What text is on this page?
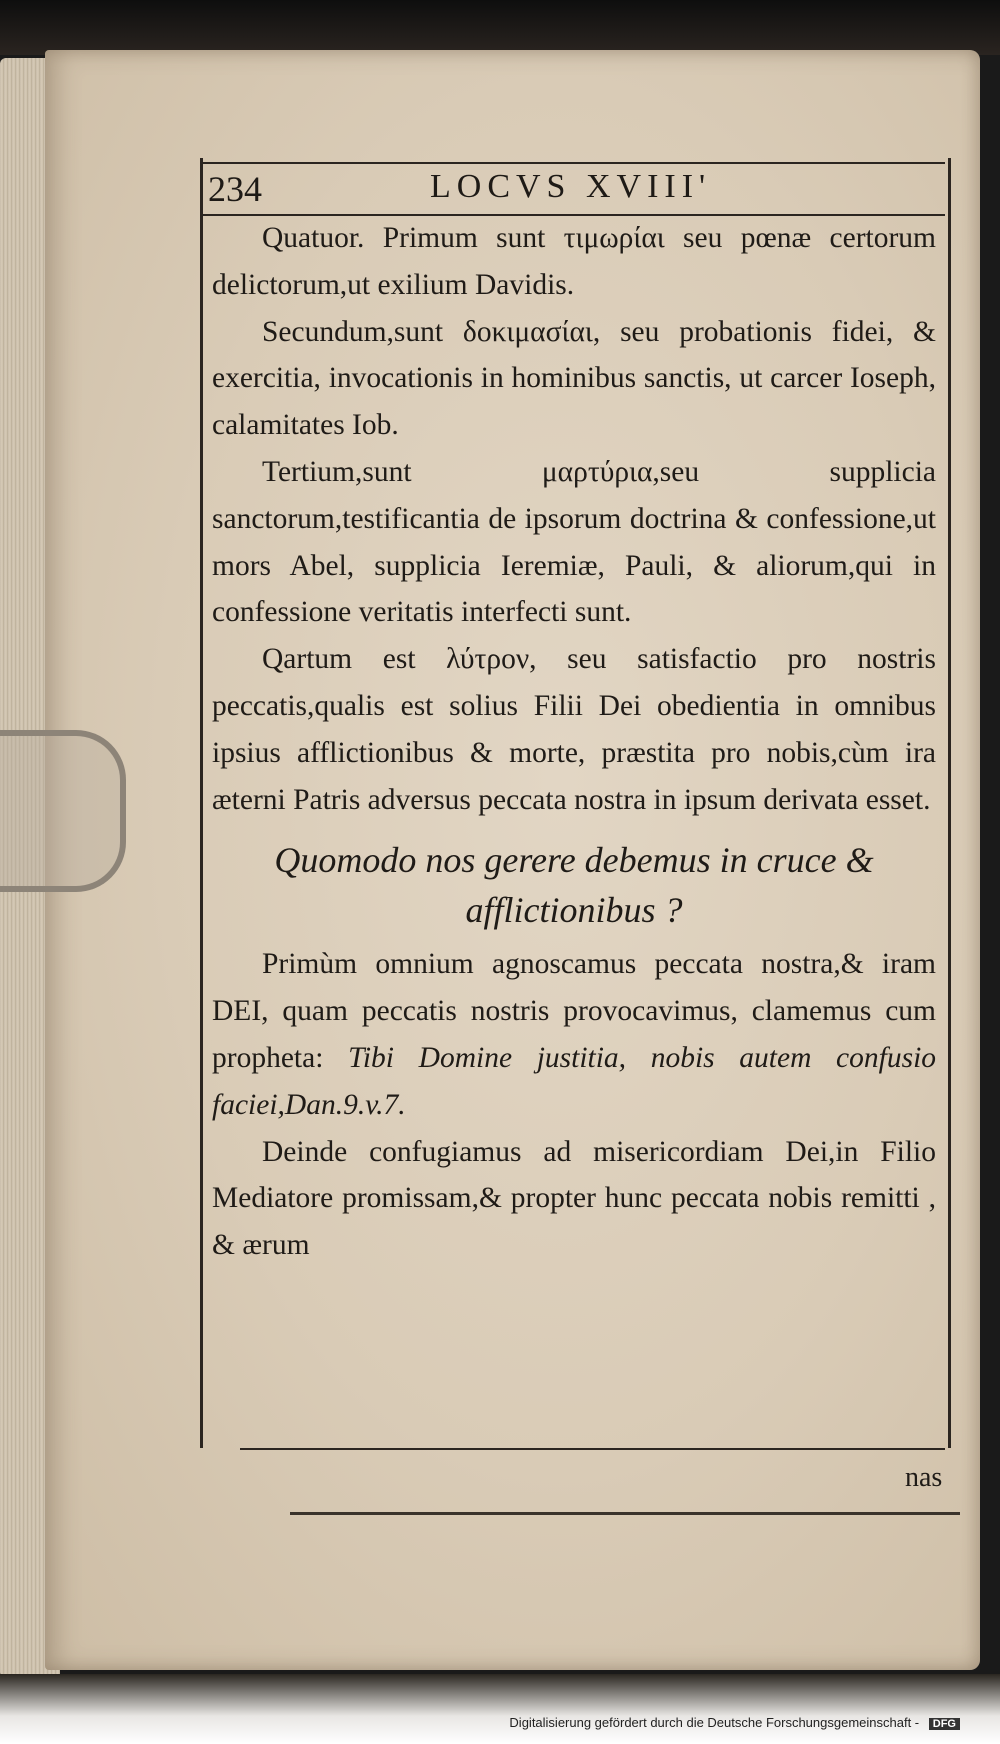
234	LOCVS XVIII'

Quatuor. Primum sunt τιμωρίαι seu pœnæ certorum delictorum,ut exilium Davidis.

Secundum,sunt δοκιμασίαι, seu probationis fidei, & exercitia, invocationis in hominibus sanctis, ut carcer Ioseph, calamitates Iob.

Tertium,sunt μαρτύρια,seu supplicia sanctorum,testificantia de ipsorum doctrina & confessione,ut mors Abel, supplicia Ieremiæ, Pauli, & aliorum,qui in confessione veritatis interfecti sunt.

Qartum est λύτρον, seu satisfactio pro nostris peccatis,qualis est solius Filii Dei obedientia in omnibus ipsius afflictionibus & morte, præstita pro nobis,cùm ira æterni Patris adversus peccata nostra in ipsum derivata esset.

Quomodo nos gerere debemus in cruce &
afflictionibus ?

Primùm omnium agnoscamus peccata nostra,& iram DEI, quam peccatis nostris provocavimus, clamemus cum propheta: Tibi Domine justitia, nobis autem confusio faciei,Dan.9.v.7.

Deinde confugiamus ad misericordiam Dei,in Filio Mediatore promissam,& propter hunc peccata nobis remitti , & ærum

nas
Digitalisierung gefördert durch die Deutsche Forschungsgemeinschaft - DFG
